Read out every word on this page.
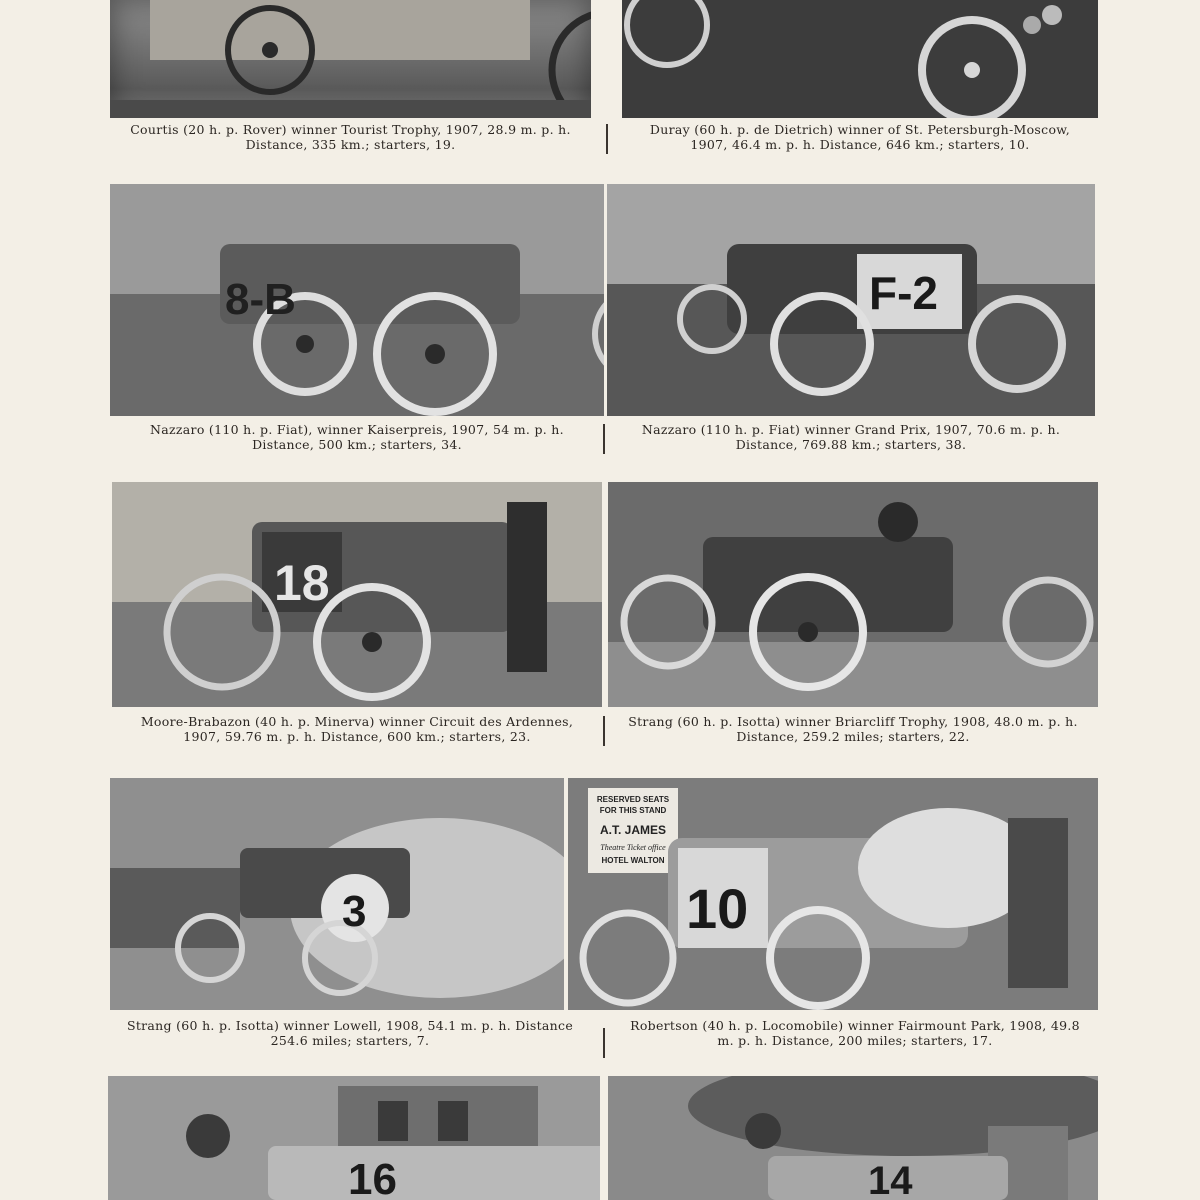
Courtis (20 h. p. Rover) winner Tourist Trophy, 1907, 28.9 m. p. h.
Distance, 335 km.; starters, 19.
Duray (60 h. p. de Dietrich) winner of St. Petersburgh-Moscow,
1907, 46.4 m. p. h. Distance, 646 km.; starters, 10.
8-B	F-2
Nazzaro (110 h. p. Fiat), winner Kaiserpreis, 1907, 54 m. p. h.
Distance, 500 km.; starters, 34.
Nazzaro (110 h. p. Fiat) winner Grand Prix, 1907, 70.6 m. p. h.
Distance, 769.88 km.; starters, 38.
18
Moore-Brabazon (40 h. p. Minerva) winner Circuit des Ardennes,
1907, 59.76 m. p. h. Distance, 600 km.; starters, 23.
Strang (60 h. p. Isotta) winner Briarcliff Trophy, 1908, 48.0 m. p. h.
Distance, 259.2 miles; starters, 22.
3
RESERVED SEATS
FOR THIS STAND
A.T. JAMES
Theatre Ticket office
HOTEL WALTON
10
Strang (60 h. p. Isotta) winner Lowell, 1908, 54.1 m. p. h. Distance
254.6 miles; starters, 7.
Robertson (40 h. p. Locomobile) winner Fairmount Park, 1908, 49.8
m. p. h. Distance, 200 miles; starters, 17.
16	14
